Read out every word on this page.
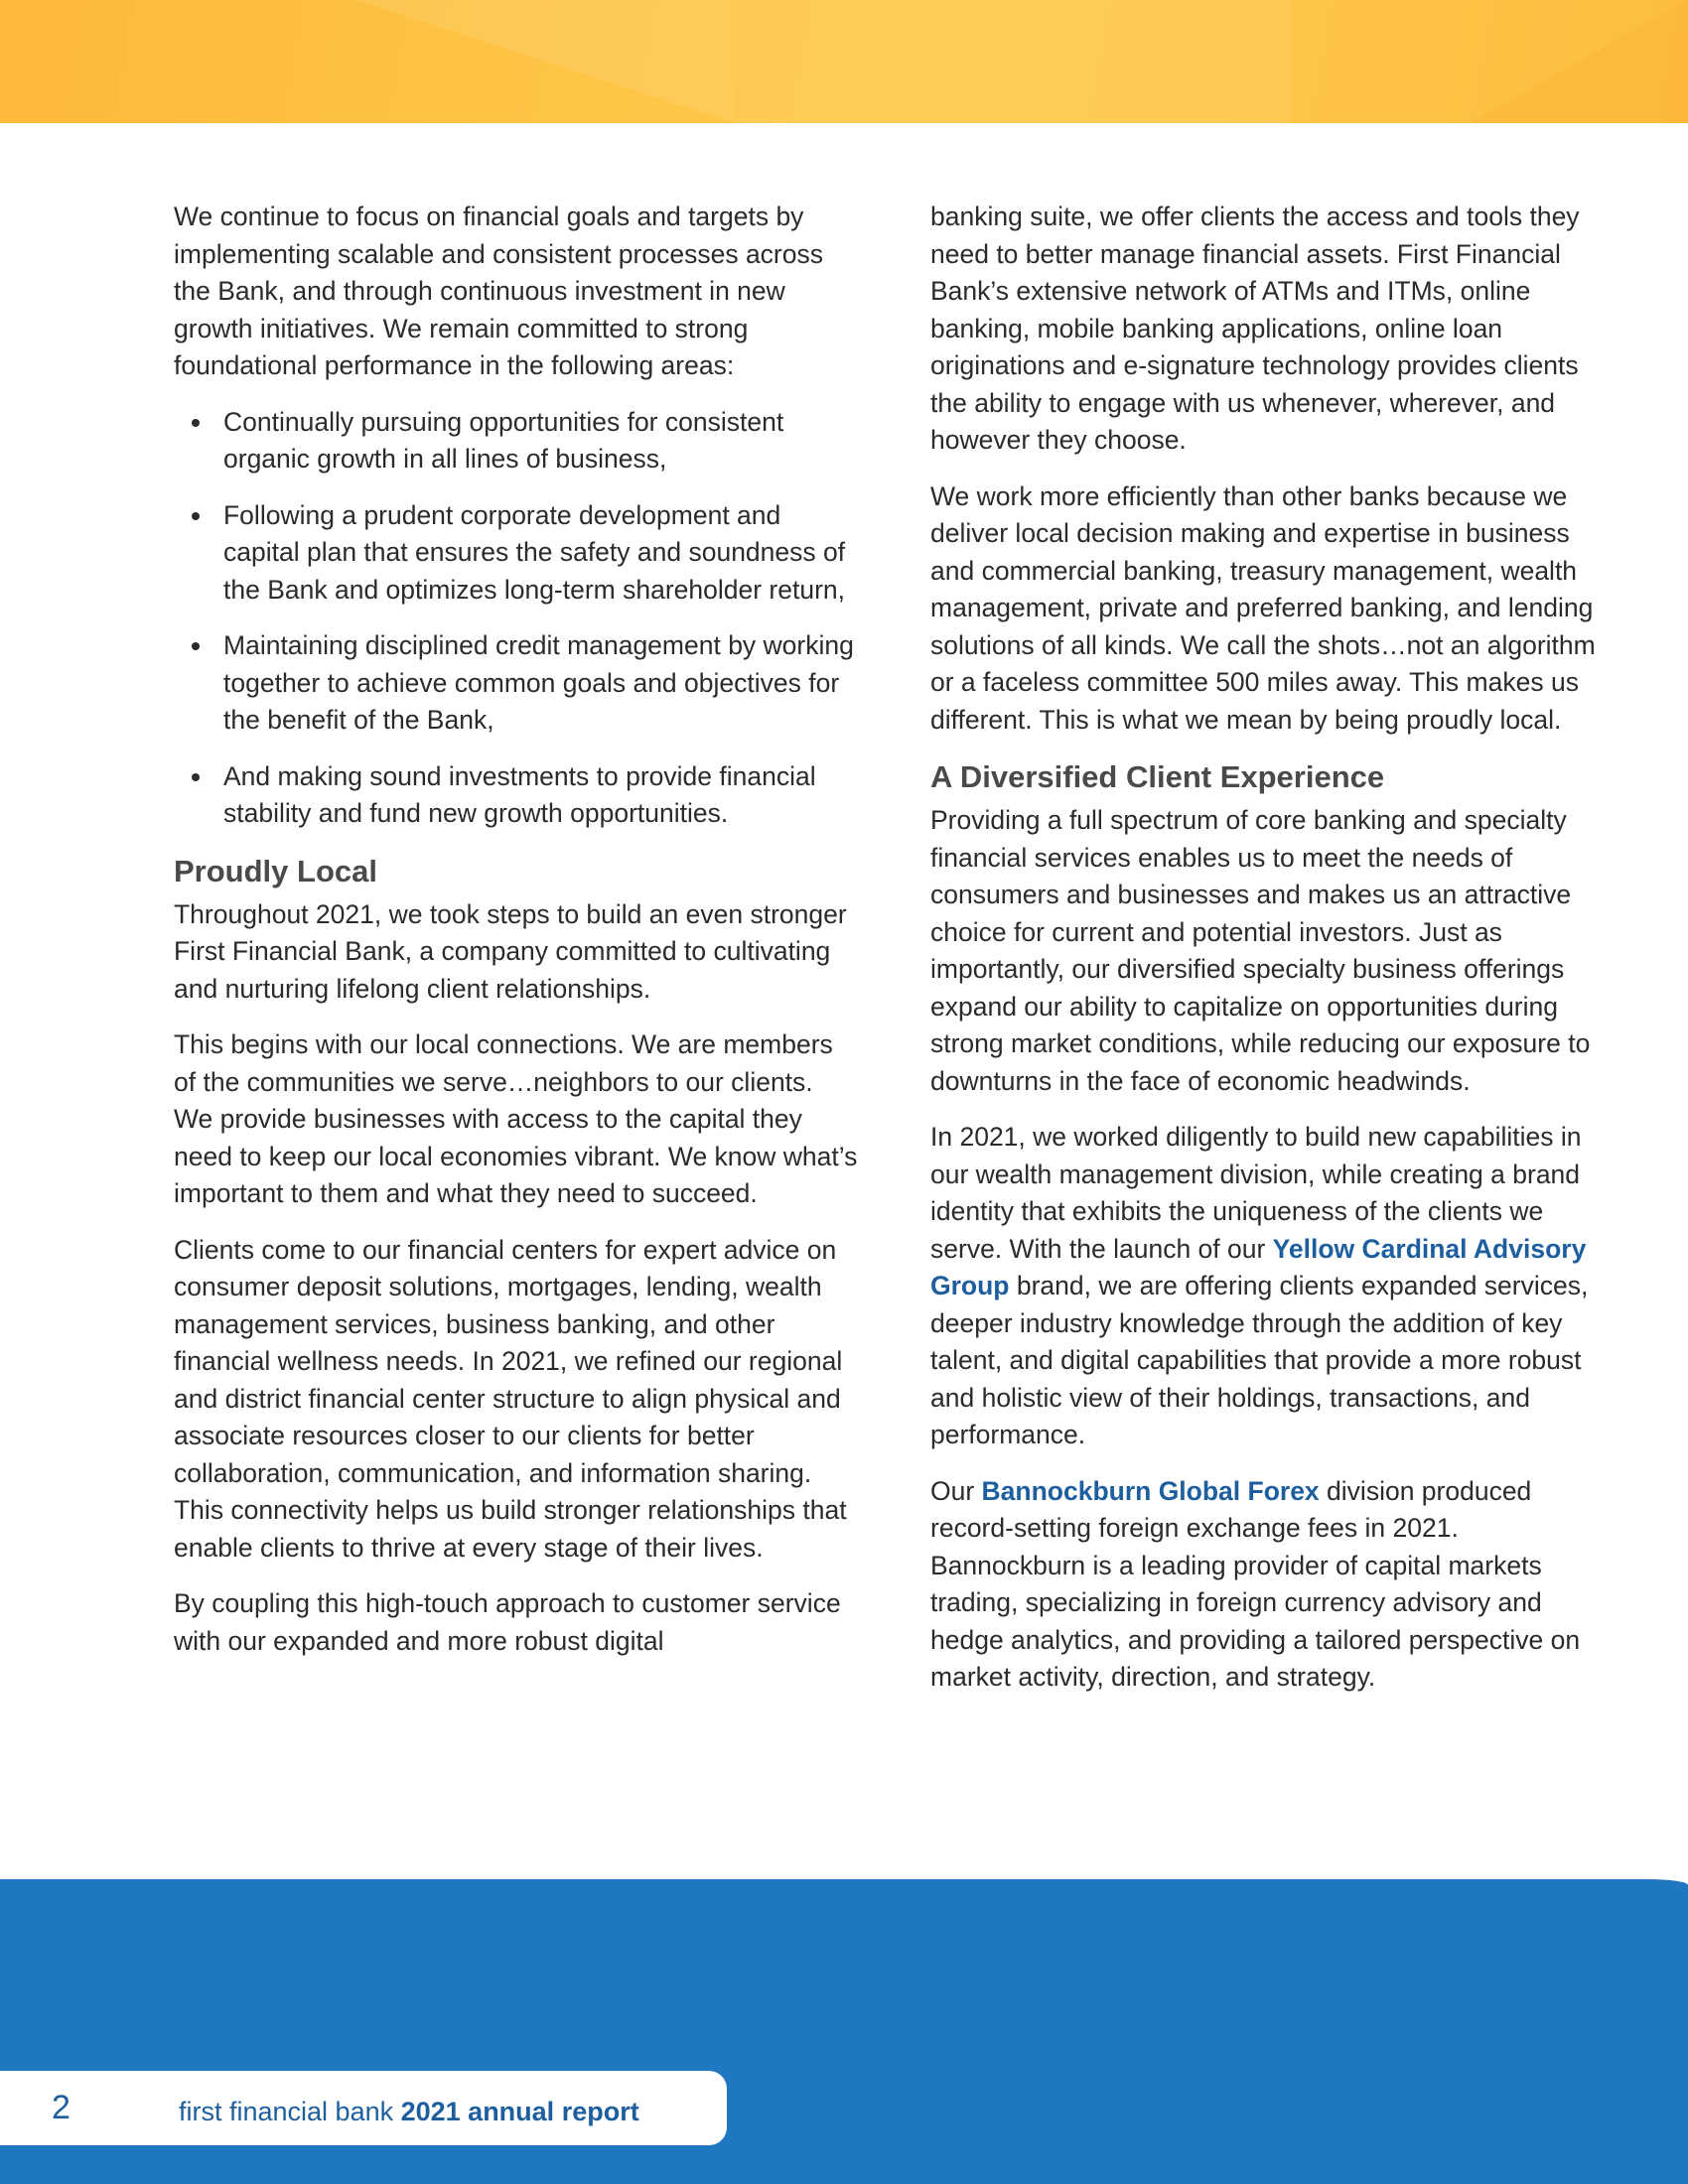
We continue to focus on financial goals and targets by implementing scalable and consistent processes across the Bank, and through continuous investment in new growth initiatives. We remain committed to strong foundational performance in the following areas:

Continually pursuing opportunities for consistent organic growth in all lines of business,
Following a prudent corporate development and capital plan that ensures the safety and soundness of the Bank and optimizes long-term shareholder return,
Maintaining disciplined credit management by working together to achieve common goals and objectives for the benefit of the Bank,
And making sound investments to provide financial stability and fund new growth opportunities.
Proudly Local

Throughout 2021, we took steps to build an even stronger First Financial Bank, a company committed to cultivating and nurturing lifelong client relationships.

This begins with our local connections. We are members of the communities we serve…neighbors to our clients. We provide businesses with access to the capital they need to keep our local economies vibrant. We know what’s important to them and what they need to succeed.

Clients come to our financial centers for expert advice on consumer deposit solutions, mortgages, lending, wealth management services, business banking, and other financial wellness needs. In 2021, we refined our regional and district financial center structure to align physical and associate resources closer to our clients for better collaboration, communication, and information sharing. This connectivity helps us build stronger relationships that enable clients to thrive at every stage of their lives.

By coupling this high-touch approach to customer service with our expanded and more robust digital

banking suite, we offer clients the access and tools they need to better manage financial assets. First Financial Bank’s extensive network of ATMs and ITMs, online banking, mobile banking applications, online loan originations and e-signature technology provides clients the ability to engage with us whenever, wherever, and however they choose.

We work more efficiently than other banks because we deliver local decision making and expertise in business and commercial banking, treasury management, wealth management, private and preferred banking, and lending solutions of all kinds. We call the shots…not an algorithm or a faceless committee 500 miles away. This makes us different. This is what we mean by being proudly local.

A Diversified Client Experience

Providing a full spectrum of core banking and specialty financial services enables us to meet the needs of consumers and businesses and makes us an attractive choice for current and potential investors. Just as importantly, our diversified specialty business offerings expand our ability to capitalize on opportunities during strong market conditions, while reducing our exposure to downturns in the face of economic headwinds.

In 2021, we worked diligently to build new capabilities in our wealth management division, while creating a brand identity that exhibits the uniqueness of the clients we serve. With the launch of our Yellow Cardinal Advisory Group brand, we are offering clients expanded services, deeper industry knowledge through the addition of key talent, and digital capabilities that provide a more robust and holistic view of their holdings, transactions, and performance.

Our Bannockburn Global Forex division produced record-setting foreign exchange fees in 2021. Bannockburn is a leading provider of capital markets trading, specializing in foreign currency advisory and hedge analytics, and providing a tailored perspective on market activity, direction, and strategy.

2	first financial bank 2021 annual report
